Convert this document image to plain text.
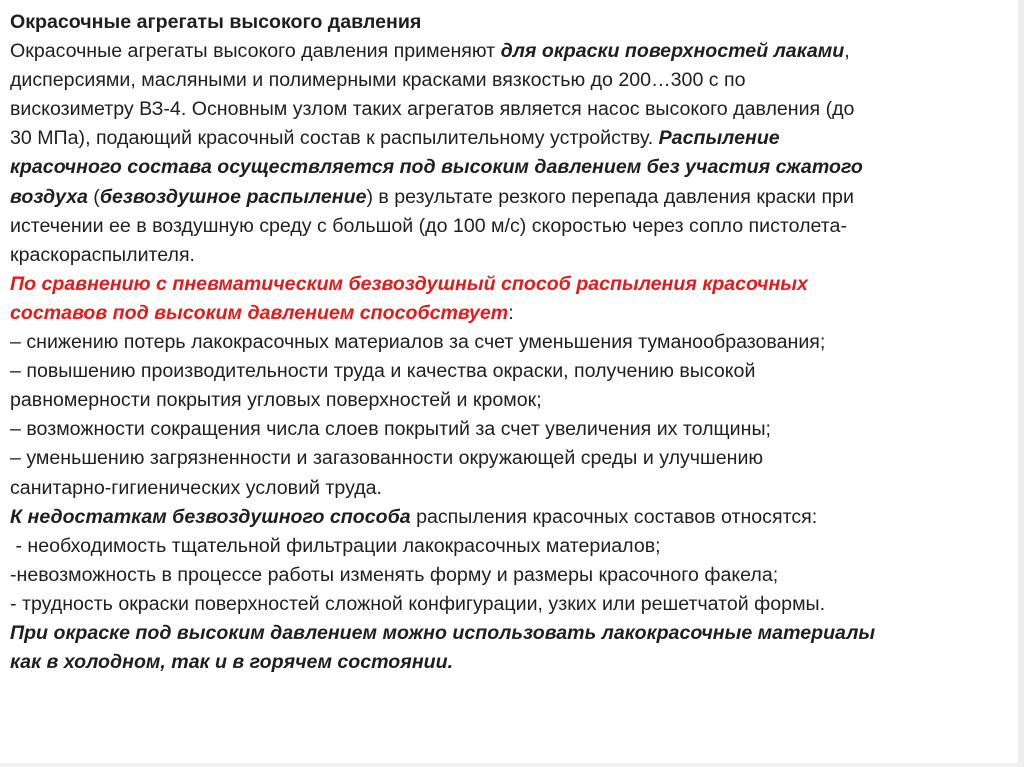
Окрасочные агрегаты высокого давления
Окрасочные агрегаты высокого давления применяют для окраски поверхностей лаками,
дисперсиями, масляными и полимерными красками вязкостью до 200…300 с по
вискозиметру ВЗ-4. Основным узлом таких агрегатов является насос высокого давления (до
30 МПа), подающий красочный состав к распылительному устройству. Распыление
красочного состава осуществляется под высоким давлением без участия сжатого
воздуха (безвоздушное распыление) в результате резкого перепада давления краски при
истечении ее в воздушную среду с большой (до 100 м/с) скоростью через сопло пистолета-
краскораспылителя.
По сравнению с пневматическим безвоздушный способ распыления красочных
составов под высоким давлением способствует:
– снижению потерь лакокрасочных материалов за счет уменьшения туманообразования;
– повышению производительности труда и качества окраски, получению высокой
равномерности покрытия угловых поверхностей и кромок;
– возможности сокращения числа слоев покрытий за счет увеличения их толщины;
– уменьшению загрязненности и загазованности окружающей среды и улучшению
санитарно-гигиенических условий труда.
К недостаткам безвоздушного способа распыления красочных составов относятся:
- необходимость тщательной фильтрации лакокрасочных материалов;
-невозможность в процессе работы изменять форму и размеры красочного факела;
- трудность окраски поверхностей сложной конфигурации, узких или решетчатой формы.
При окраске под высоким давлением можно использовать лакокрасочные материалы
как в холодном, так и в горячем состоянии.
